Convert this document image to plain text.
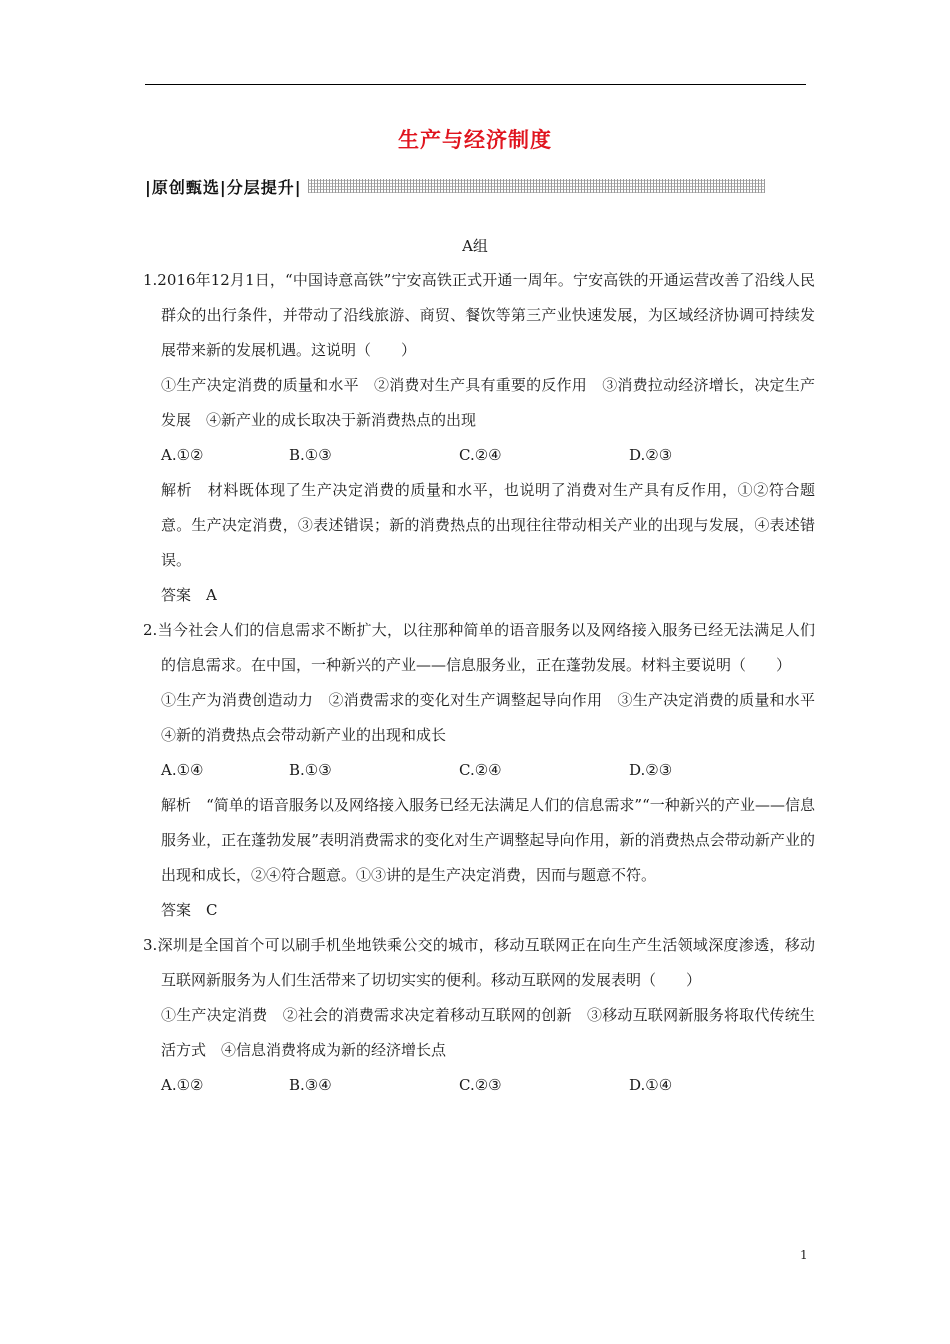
生产与经济制度
|原创甄选|分层提升|
A组

1.2016年12月1日，“中国诗意高铁”宁安高铁正式开通一周年。宁安高铁的开通运营改善了沿线人民群众的出行条件，并带动了沿线旅游、商贸、餐饮等第三产业快速发展，为区域经济协调可持续发展带来新的发展机遇。这说明（　　）

①生产决定消费的质量和水平　②消费对生产具有重要的反作用　③消费拉动经济增长，决定生产发展　④新产业的成长取决于新消费热点的出现

A.①②	B.①③	C.②④	D.②③

解析　材料既体现了生产决定消费的质量和水平，也说明了消费对生产具有反作用，①②符合题意。生产决定消费，③表述错误；新的消费热点的出现往往带动相关产业的出现与发展，④表述错误。

答案　A

2.当今社会人们的信息需求不断扩大，以往那种简单的语音服务以及网络接入服务已经无法满足人们的信息需求。在中国，一种新兴的产业——信息服务业，正在蓬勃发展。材料主要说明（　　）

①生产为消费创造动力　②消费需求的变化对生产调整起导向作用　③生产决定消费的质量和水平　④新的消费热点会带动新产业的出现和成长

A.①④	B.①③	C.②④	D.②③

解析　“简单的语音服务以及网络接入服务已经无法满足人们的信息需求”“一种新兴的产业——信息服务业，正在蓬勃发展”表明消费需求的变化对生产调整起导向作用，新的消费热点会带动新产业的出现和成长，②④符合题意。①③讲的是生产决定消费，因而与题意不符。

答案　C

3.深圳是全国首个可以刷手机坐地铁乘公交的城市，移动互联网正在向生产生活领域深度渗透，移动互联网新服务为人们生活带来了切切实实的便利。移动互联网的发展表明（　　）

①生产决定消费　②社会的消费需求决定着移动互联网的创新　③移动互联网新服务将取代传统生活方式　④信息消费将成为新的经济增长点

A.①②	B.③④	C.②③	D.①④
1
